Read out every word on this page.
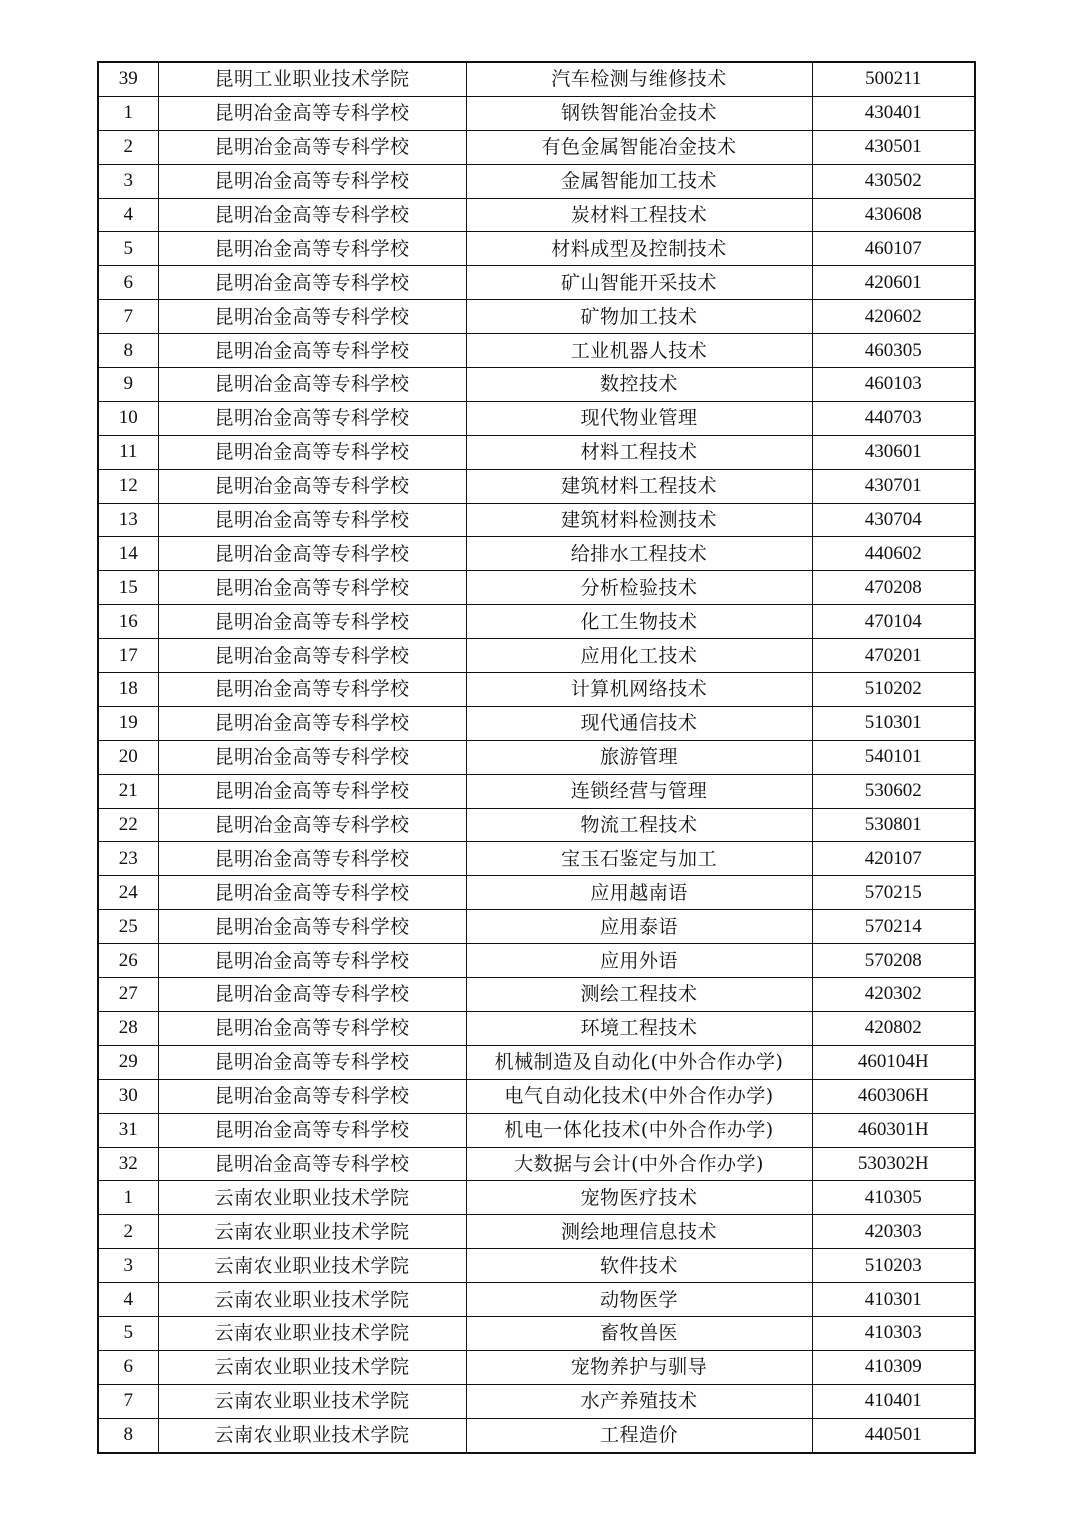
39	昆明工业职业技术学院	汽车检测与维修技术	500211
1	昆明冶金高等专科学校	钢铁智能冶金技术	430401
2	昆明冶金高等专科学校	有色金属智能冶金技术	430501
3	昆明冶金高等专科学校	金属智能加工技术	430502
4	昆明冶金高等专科学校	炭材料工程技术	430608
5	昆明冶金高等专科学校	材料成型及控制技术	460107
6	昆明冶金高等专科学校	矿山智能开采技术	420601
7	昆明冶金高等专科学校	矿物加工技术	420602
8	昆明冶金高等专科学校	工业机器人技术	460305
9	昆明冶金高等专科学校	数控技术	460103
10	昆明冶金高等专科学校	现代物业管理	440703
11	昆明冶金高等专科学校	材料工程技术	430601
12	昆明冶金高等专科学校	建筑材料工程技术	430701
13	昆明冶金高等专科学校	建筑材料检测技术	430704
14	昆明冶金高等专科学校	给排水工程技术	440602
15	昆明冶金高等专科学校	分析检验技术	470208
16	昆明冶金高等专科学校	化工生物技术	470104
17	昆明冶金高等专科学校	应用化工技术	470201
18	昆明冶金高等专科学校	计算机网络技术	510202
19	昆明冶金高等专科学校	现代通信技术	510301
20	昆明冶金高等专科学校	旅游管理	540101
21	昆明冶金高等专科学校	连锁经营与管理	530602
22	昆明冶金高等专科学校	物流工程技术	530801
23	昆明冶金高等专科学校	宝玉石鉴定与加工	420107
24	昆明冶金高等专科学校	应用越南语	570215
25	昆明冶金高等专科学校	应用泰语	570214
26	昆明冶金高等专科学校	应用外语	570208
27	昆明冶金高等专科学校	测绘工程技术	420302
28	昆明冶金高等专科学校	环境工程技术	420802
29	昆明冶金高等专科学校	机械制造及自动化(中外合作办学)	460104H
30	昆明冶金高等专科学校	电气自动化技术(中外合作办学)	460306H
31	昆明冶金高等专科学校	机电一体化技术(中外合作办学)	460301H
32	昆明冶金高等专科学校	大数据与会计(中外合作办学)	530302H
1	云南农业职业技术学院	宠物医疗技术	410305
2	云南农业职业技术学院	测绘地理信息技术	420303
3	云南农业职业技术学院	软件技术	510203
4	云南农业职业技术学院	动物医学	410301
5	云南农业职业技术学院	畜牧兽医	410303
6	云南农业职业技术学院	宠物养护与驯导	410309
7	云南农业职业技术学院	水产养殖技术	410401
8	云南农业职业技术学院	工程造价	440501
